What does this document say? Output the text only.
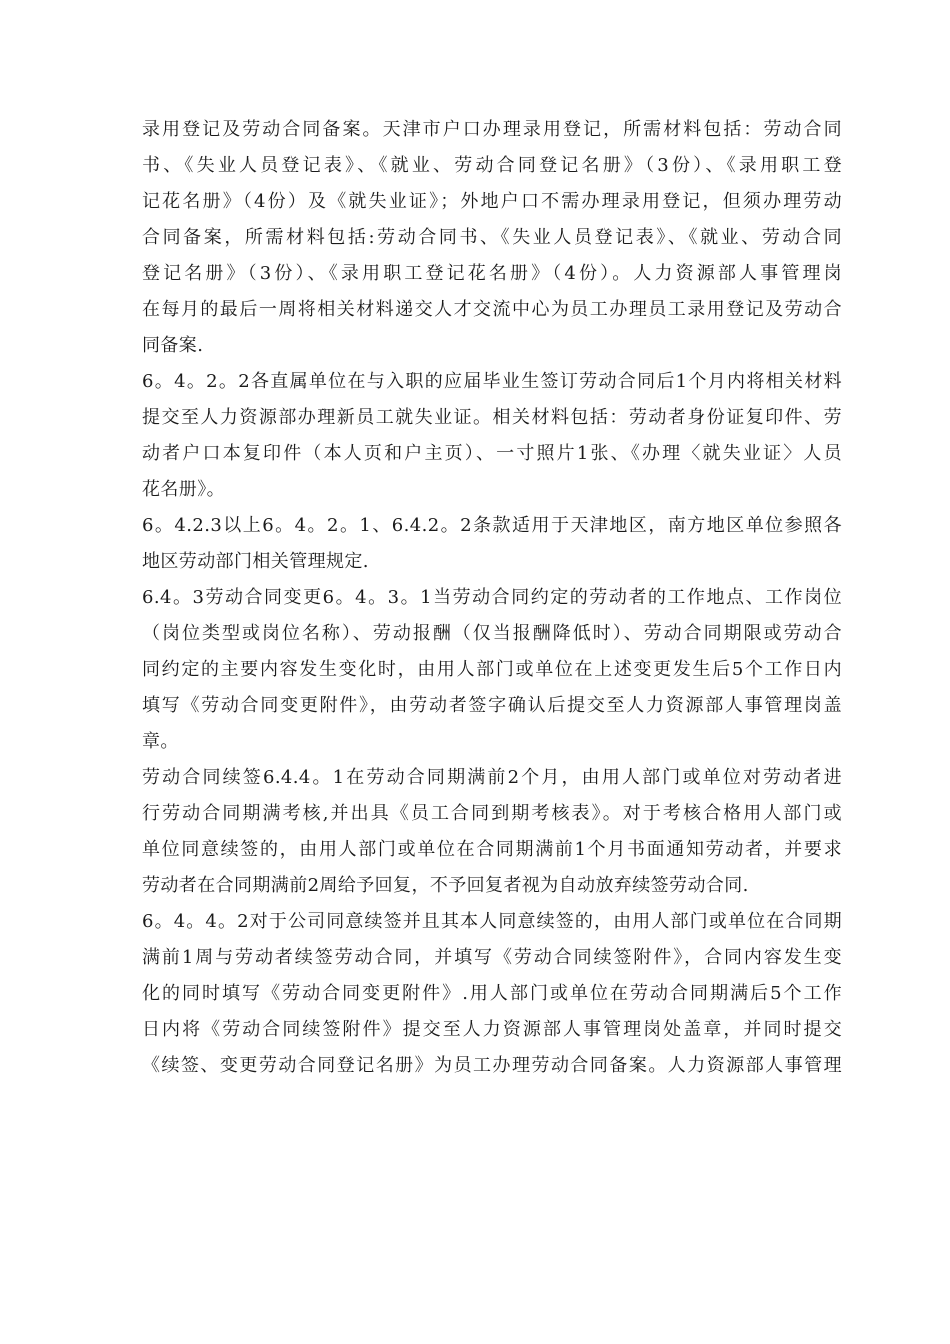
录用登记及劳动合同备案。天津市户口办理录用登记，所需材料包括：劳动合同
书、《失业人员登记表》、《就业、劳动合同登记名册》（3份）、《录用职工登
记花名册》（4份）及《就失业证》；外地户口不需办理录用登记，但须办理劳动
合同备案，所需材料包括:劳动合同书、《失业人员登记表》、《就业、劳动合同
登记名册》（3份）、《录用职工登记花名册》（4份）。人力资源部人事管理岗
在每月的最后一周将相关材料递交人才交流中心为员工办理员工录用登记及劳动合
同备案.
6。4。2。2各直属单位在与入职的应届毕业生签订劳动合同后1个月内将相关材料
提交至人力资源部办理新员工就失业证。相关材料包括：劳动者身份证复印件、劳
动者户口本复印件（本人页和户主页）、一寸照片1张、《办理〈就失业证〉人员
花名册》。
6。4.2.3以上6。4。2。1、6.4.2。2条款适用于天津地区，南方地区单位参照各
地区劳动部门相关管理规定.
6.4。3劳动合同变更6。4。3。1当劳动合同约定的劳动者的工作地点、工作岗位
（岗位类型或岗位名称）、劳动报酬（仅当报酬降低时）、劳动合同期限或劳动合
同约定的主要内容发生变化时，由用人部门或单位在上述变更发生后5个工作日内
填写《劳动合同变更附件》，由劳动者签字确认后提交至人力资源部人事管理岗盖
章。
劳动合同续签6.4.4。1在劳动合同期满前2个月，由用人部门或单位对劳动者进
行劳动合同期满考核,并出具《员工合同到期考核表》。对于考核合格用人部门或
单位同意续签的，由用人部门或单位在合同期满前1个月书面通知劳动者，并要求
劳动者在合同期满前2周给予回复，不予回复者视为自动放弃续签劳动合同.
6。4。4。2对于公司同意续签并且其本人同意续签的，由用人部门或单位在合同期
满前1周与劳动者续签劳动合同，并填写《劳动合同续签附件》，合同内容发生变
化的同时填写《劳动合同变更附件》.用人部门或单位在劳动合同期满后5个工作
日内将《劳动合同续签附件》提交至人力资源部人事管理岗处盖章，并同时提交
《续签、变更劳动合同登记名册》为员工办理劳动合同备案。人力资源部人事管理
